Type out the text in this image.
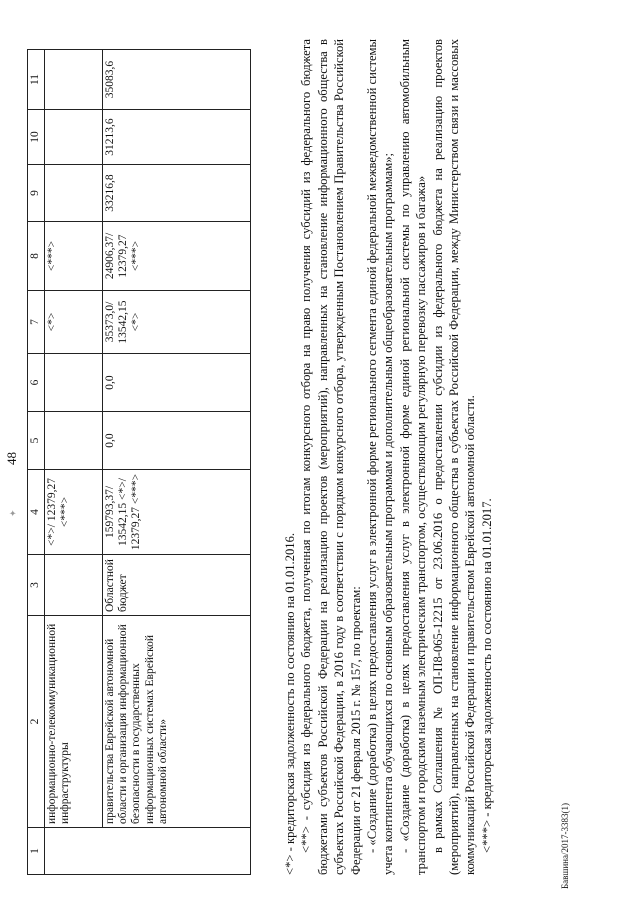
48
✦
1	2	3	4	5	6	7	8	9	10	11
	информационно-телекоммуникационной инфраструктуры		<*>/ 12379,27 <***>			<*>	<***>			
	правительства Еврейской автономной области и организация информационной безопасности в государственных информационных системах Еврейской автономной области»	Областной бюджет	159793,37/ 13542,15 <*>/ 12379,27 <***>	0,0	0,0	35373,0/ 13542,15 <*>	24906,37/ 12379,27 <***>	33216,8	31213,6	35083,6

<*> - кредиторская задолженность по состоянию на 01.01.2016. <**> - субсидия из федерального бюджета, полученная по итогам конкурсного отбора на право получения субсидий из федерального бюджета бюджетами субъектов Российской Федерации на реализацию проектов (мероприятий), направленных на становление информационного общества в субъектах Российской Федерации, в 2016 году в соответствии с порядком конкурсного отбора, утвержденным Постановлением Правительства Российской Федерации от 21 февраля 2015 г. № 157, по проектам: - «Создание (доработка) в целях предоставления услуг в электронной форме регионального сегмента единой федеральной межведомственной системы учета контингента обучающихся по основным образовательным программам и дополнительным общеобразовательным программам»; - «Создание (доработка) в целях предоставления услуг в электронной форме единой региональной системы по управлению автомобильным транспортом и городским наземным электрическим транспортом, осуществляющим регулярную перевозку пассажиров и багажа» в рамках Соглашения № ОП-П8-065-12215 от 23.06.2016 о предоставлении субсидии из федерального бюджета на реализацию проектов (мероприятий), направленных на становление информационного общества в субъектах Российской Федерации, между Министерством связи и массовых коммуникаций Российской Федерации и правительством Еврейской автономной области. <***> - кредиторская задолженность по состоянию на 01.01.2017.	Бавшина/2017-3383(1)
